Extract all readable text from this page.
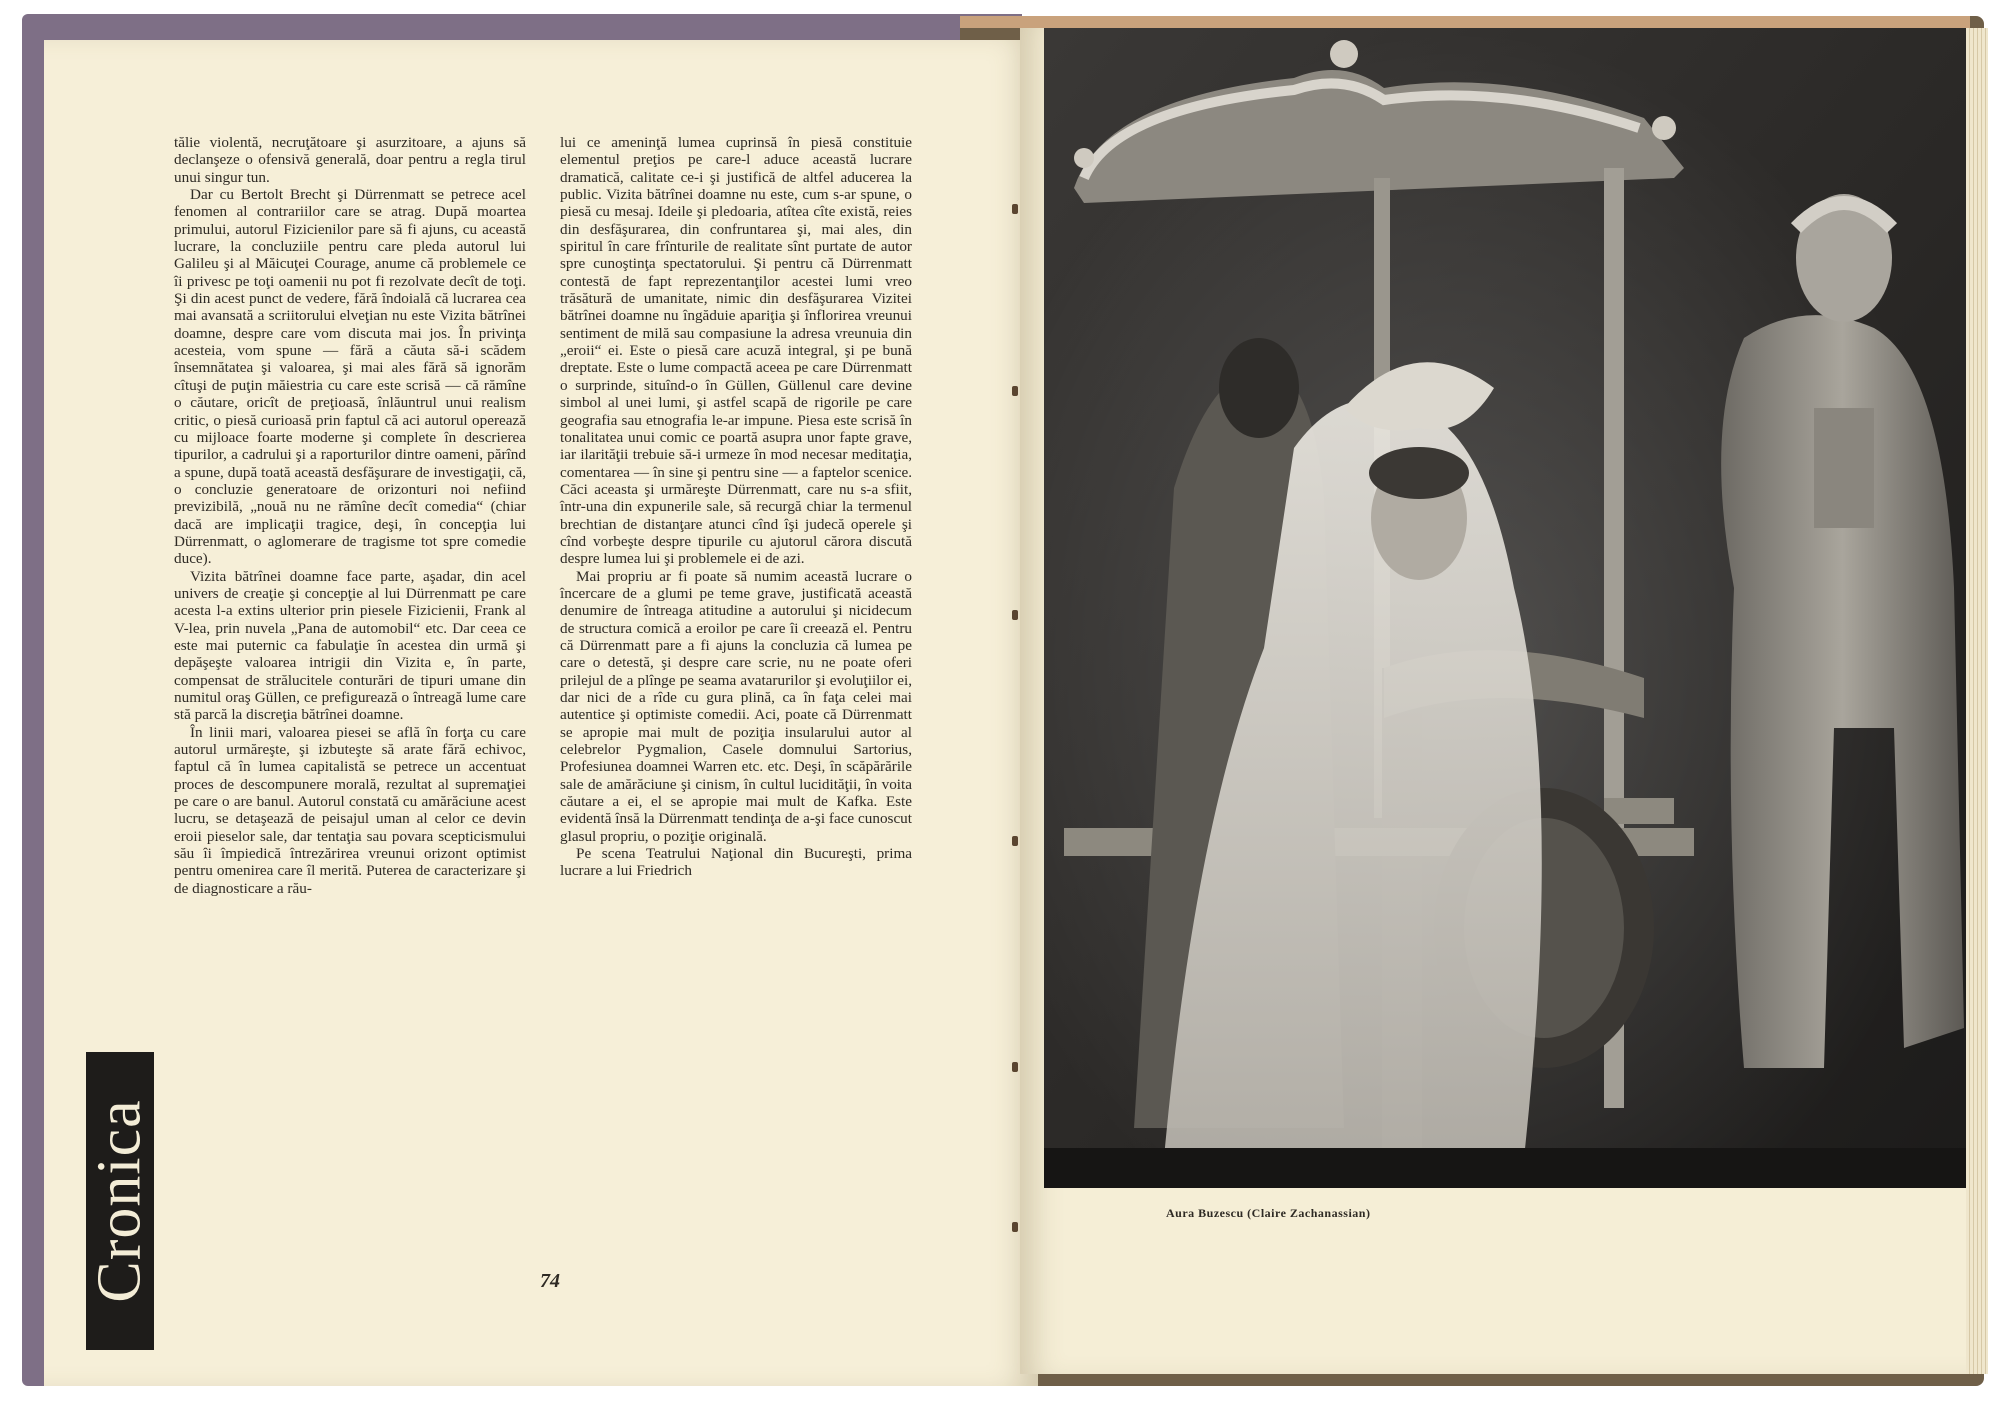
tălie violentă, necruţătoare şi asurzitoare, a ajuns să declanşeze o ofensivă generală, doar pentru a regla tirul unui singur tun.

Dar cu Bertolt Brecht şi Dürrenmatt se petrece acel fenomen al contrariilor care se atrag. După moartea primului, autorul Fizicienilor pare să fi ajuns, cu această lucrare, la concluziile pentru care pleda autorul lui Galileu şi al Măicuţei Courage, anume că problemele ce îi privesc pe toţi oamenii nu pot fi rezolvate decît de toţi. Şi din acest punct de vedere, fără îndoială că lucrarea cea mai avansată a scriitorului elveţian nu este Vizita bătrînei doamne, despre care vom discuta mai jos. În privinţa acesteia, vom spune — fără a căuta să-i scădem însemnătatea şi valoarea, şi mai ales fără să ignorăm cîtuşi de puţin măiestria cu care este scrisă — că rămîne o căutare, oricît de preţioasă, înlăuntrul unui realism critic, o piesă curioasă prin faptul că aci autorul operează cu mijloace foarte moderne şi complete în descrierea tipurilor, a cadrului şi a raporturilor dintre oameni, părînd a spune, după toată această desfăşurare de investigaţii, că, o concluzie generatoare de orizonturi noi nefiind previzibilă, „nouă nu ne rămîne decît comedia“ (chiar dacă are implicaţii tragice, deşi, în concepţia lui Dürrenmatt, o aglomerare de tragisme tot spre comedie duce).

Vizita bătrînei doamne face parte, aşadar, din acel univers de creaţie şi concepţie al lui Dürrenmatt pe care acesta l-a extins ulterior prin piesele Fizicienii, Frank al V-lea, prin nuvela „Pana de automobil“ etc. Dar ceea ce este mai puternic ca fabulaţie în acestea din urmă şi depăşeşte valoarea intrigii din Vizita e, în parte, compensat de strălucitele conturări de tipuri umane din numitul oraş Güllen, ce prefigurează o întreagă lume care stă parcă la discreţia bătrînei doamne.

În linii mari, valoarea piesei se află în forţa cu care autorul urmăreşte, şi izbuteşte să arate fără echivoc, faptul că în lumea capitalistă se petrece un accentuat proces de descompunere morală, rezultat al supremaţiei pe care o are banul. Autorul constată cu amărăciune acest lucru, se detaşează de peisajul uman al celor ce devin eroii pieselor sale, dar tentaţia sau povara scepticismului său îi împiedică întrezărirea vreunui orizont optimist pentru omenirea care îl merită. Puterea de caracterizare şi de diagnosticare a rău-

lui ce ameninţă lumea cuprinsă în piesă constituie elementul preţios pe care-l aduce această lucrare dramatică, calitate ce-i şi justifică de altfel aducerea la public. Vizita bătrînei doamne nu este, cum s-ar spune, o piesă cu mesaj. Ideile şi pledoaria, atîtea cîte există, reies din desfăşurarea, din confruntarea şi, mai ales, din spiritul în care frînturile de realitate sînt purtate de autor spre cunoştinţa spectatorului. Şi pentru că Dürrenmatt contestă de fapt reprezentanţilor acestei lumi vreo trăsătură de umanitate, nimic din desfăşurarea Vizitei bătrînei doamne nu îngăduie apariţia şi înflorirea vreunui sentiment de milă sau compasiune la adresa vreunuia din „eroii“ ei. Este o piesă care acuză integral, şi pe bună dreptate. Este o lume compactă aceea pe care Dürrenmatt o surprinde, situînd-o în Güllen, Güllenul care devine simbol al unei lumi, şi astfel scapă de rigorile pe care geografia sau etnografia le-ar impune. Piesa este scrisă în tonalitatea unui comic ce poartă asupra unor fapte grave, iar ilarităţii trebuie să-i urmeze în mod necesar meditaţia, comentarea — în sine şi pentru sine — a faptelor scenice. Căci aceasta şi urmăreşte Dürrenmatt, care nu s-a sfiit, într-una din expunerile sale, să recurgă chiar la termenul brechtian de distanţare atunci cînd îşi judecă operele şi cînd vorbeşte despre tipurile cu ajutorul cărora discută despre lumea lui şi problemele ei de azi.

Mai propriu ar fi poate să numim această lucrare o încercare de a glumi pe teme grave, justificată această denumire de întreaga atitudine a autorului şi nicidecum de structura comică a eroilor pe care îi creează el. Pentru că Dürrenmatt pare a fi ajuns la concluzia că lumea pe care o detestă, şi despre care scrie, nu ne poate oferi prilejul de a plînge pe seama avatarurilor şi evoluţiilor ei, dar nici de a rîde cu gura plină, ca în faţa celei mai autentice şi optimiste comedii. Aci, poate că Dürrenmatt se apropie mai mult de poziţia insularului autor al celebrelor Pygmalion, Casele domnului Sartorius, Profesiunea doamnei Warren etc. etc. Deşi, în scăpărările sale de amărăciune şi cinism, în cultul lucidităţii, în voita căutare a ei, el se apropie mai mult de Kafka. Este evidentă însă la Dürrenmatt tendinţa de a-şi face cunoscut glasul propriu, o poziţie originală.

Pe scena Teatrului Naţional din Bucureşti, prima lucrare a lui Friedrich

Cronica	74
Aura Buzescu (Claire Zachanassian)
